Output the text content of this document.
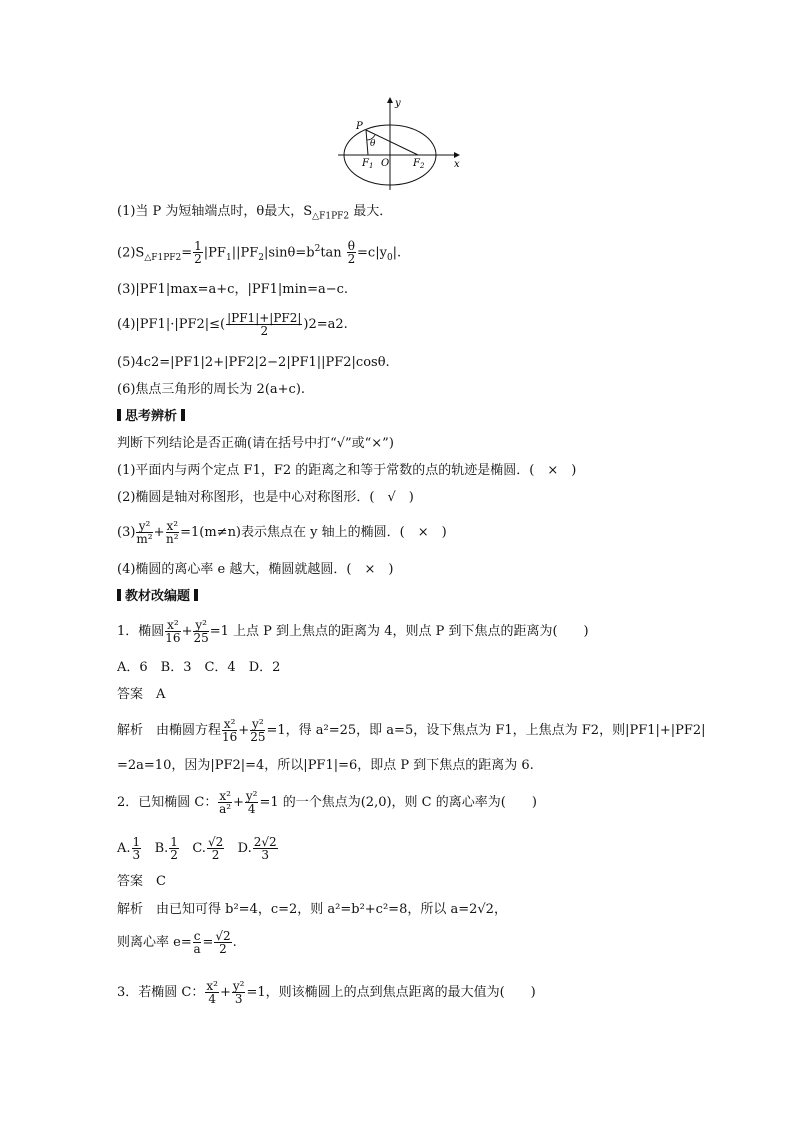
y
x
P
θ
$F_1$ O $F_2$
(1)当 P 为短轴端点时，θ最大，$S_{\triangle F1PF2}$ 最大．
$(2)S_{\triangle F1PF2}= \frac{1}{2} |PF_1||PF_2|\sin\theta=b^2\tan \frac{\theta}{2} =c|y_0|$.
(3)|PF1|max=a+c，|PF1|min=a−c.
$(4)|PF1|\cdot|PF2|\le( \frac{|PF1|+|PF2|}{2} )2=a2$.
(5)4c2=|PF1|2+|PF2|2−2|PF1||PF2|cosθ.
(6)焦点三角形的周长为 2(a+c).
思考辨析
判断下列结论是否正确(请在括号中打“√”或“×”)
(1)平面内与两个定点 F1，F2 的距离之和等于常数的点的轨迹是椭圆．(　×　)
(2)椭圆是轴对称图形，也是中心对称图形．(　√　)
$(3) \frac{\text{y²}}{\text{m²}} + \frac{\text{x²}}{\text{n²}} =1(m\ne n)$表示焦点在 y 轴上的椭圆．(　×　)
(4)椭圆的离心率 e 越大，椭圆就越圆．(　×　)
教材改编题
1．椭圆 $\frac{\text{x²}}{16} + \frac{\text{y²}}{25} =1$ 上点 P 到上焦点的距离为 4，则点 P 到下焦点的距离为(　　)
A．6　B．3　C．4　D．2
答案　A
解析　由椭圆方程 $\frac{\text{x²}}{16} + \frac{\text{y²}}{25} =1$，得 a²=25，即 a=5，设下焦点为 F1，上焦点为 F2，则|PF1|+|PF2|
=2a=10，因为|PF2|=4，所以|PF1|=6，即点 P 到下焦点的距离为 6.
2．已知椭圆 C： $\frac{\text{x²}}{\text{a²}} + \frac{\text{y²}}{4} =1$ 的一个焦点为(2,0)，则 C 的离心率为(　　)
A. $\frac{1}{3} B$. $\frac{1}{2} C$. $\frac{√2}{2} D$. $\frac{2√2}{3}$
答案　C
解析　由已知可得 b²=4，c=2，则 a²=b²+c²=8，所以 a=2√2，
则离心率 $e= \frac{c}{a} = \frac{√2}{2}$ .
3．若椭圆 C： $\frac{\text{x²}}{4} + \frac{\text{y²}}{3} =1$，则该椭圆上的点到焦点距离的最大值为(　　)
